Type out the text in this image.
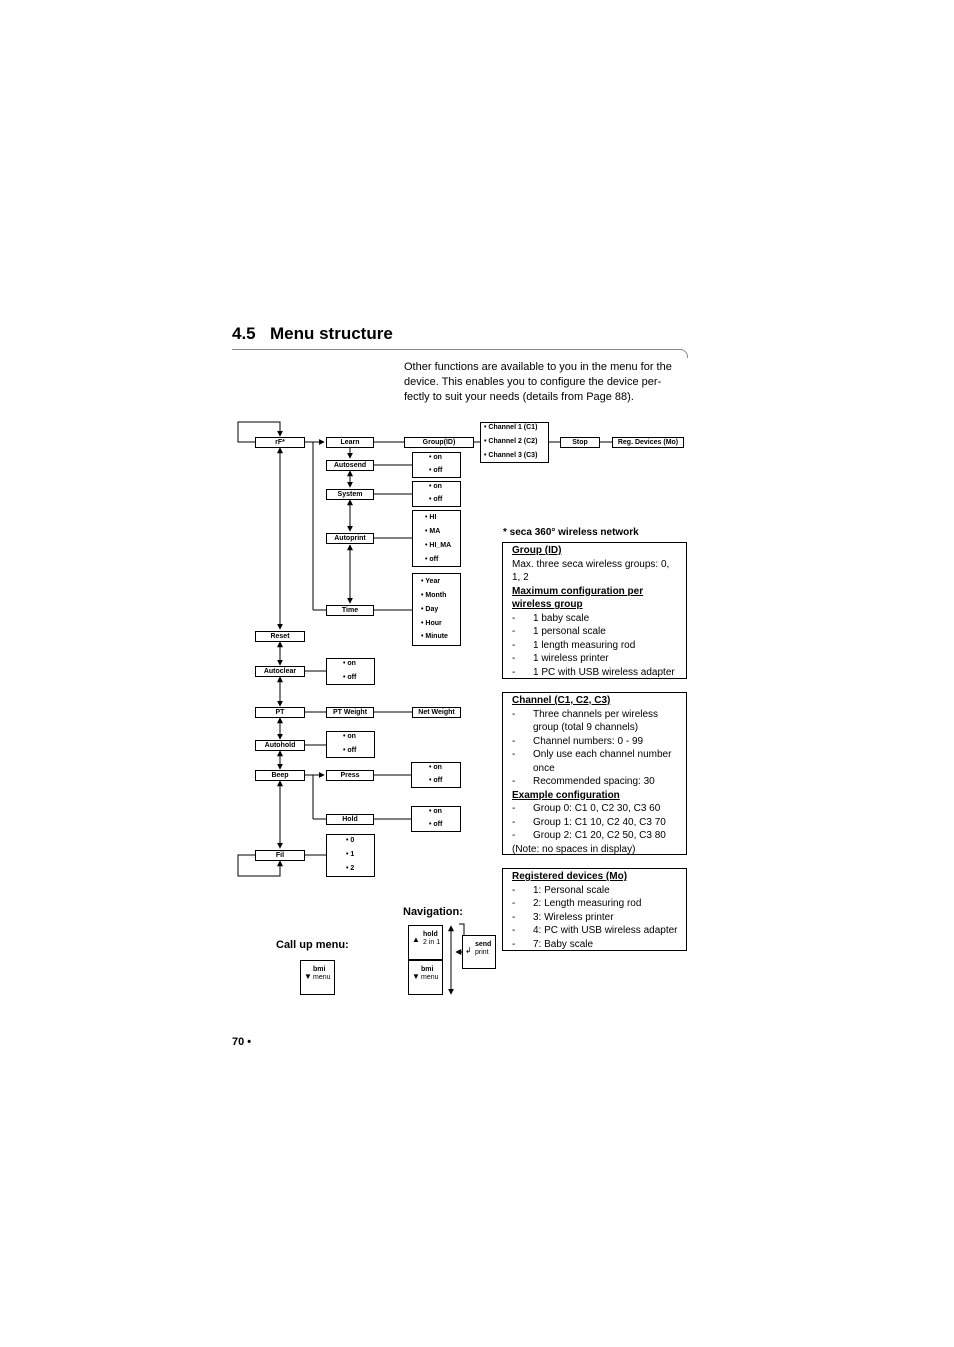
4.5 Menu structure

Other functions are available to you in the menu for the

device. This enables you to configure the device per-

fectly to suit your needs (details from Page 88).

rF*
Reset
Autoclear
PT
Autohold
Beep
Fil
Learn
Autosend
System
Autoprint
Time
PT Weight
Press
Hold
Group(ID)
Net Weight
Stop	Reg. Devices (Mo)
• Channel 1 (C1)
• Channel 2 (C2)
• Channel 3 (C3)
• on
• off
• on
• off
• HI
• MA
• HI_MA
• off
• Year
• Month
• Day
• Hour
• Minute
• on
• off
• on
• off
• on
• off
• on
• off
• 0
• 1
• 2
* seca 360° wireless network
Group (ID)
Max. three seca wireless groups: 0,
1, 2
Maximum configuration per
wireless group
-	1 baby scale
-	1 personal scale
-	1 length measuring rod
-	1 wireless printer
-	1 PC with USB wireless adapter
Channel (C1, C2, C3)
-	Three channels per wireless
group (total 9 channels)
-	Channel numbers: 0 - 99
-	Only use each channel number
once
-	Recommended spacing: 30
Example configuration
-	Group 0: C1 0, C2 30, C3 60
-	Group 1: C1 10, C2 40, C3 70
-	Group 2: C1 20, C2 50, C3 80
(Note: no spaces in display)
Registered devices (Mo)
-	1: Personal scale
-	2: Length measuring rod
-	3: Wireless printer
-	4: PC with USB wireless adapter
-	7: Baby scale
Navigation:
Call up menu:
▼
bmi
menu
▲
hold
2 in 1
▼
bmi
menu
↲
send
print
70 •
